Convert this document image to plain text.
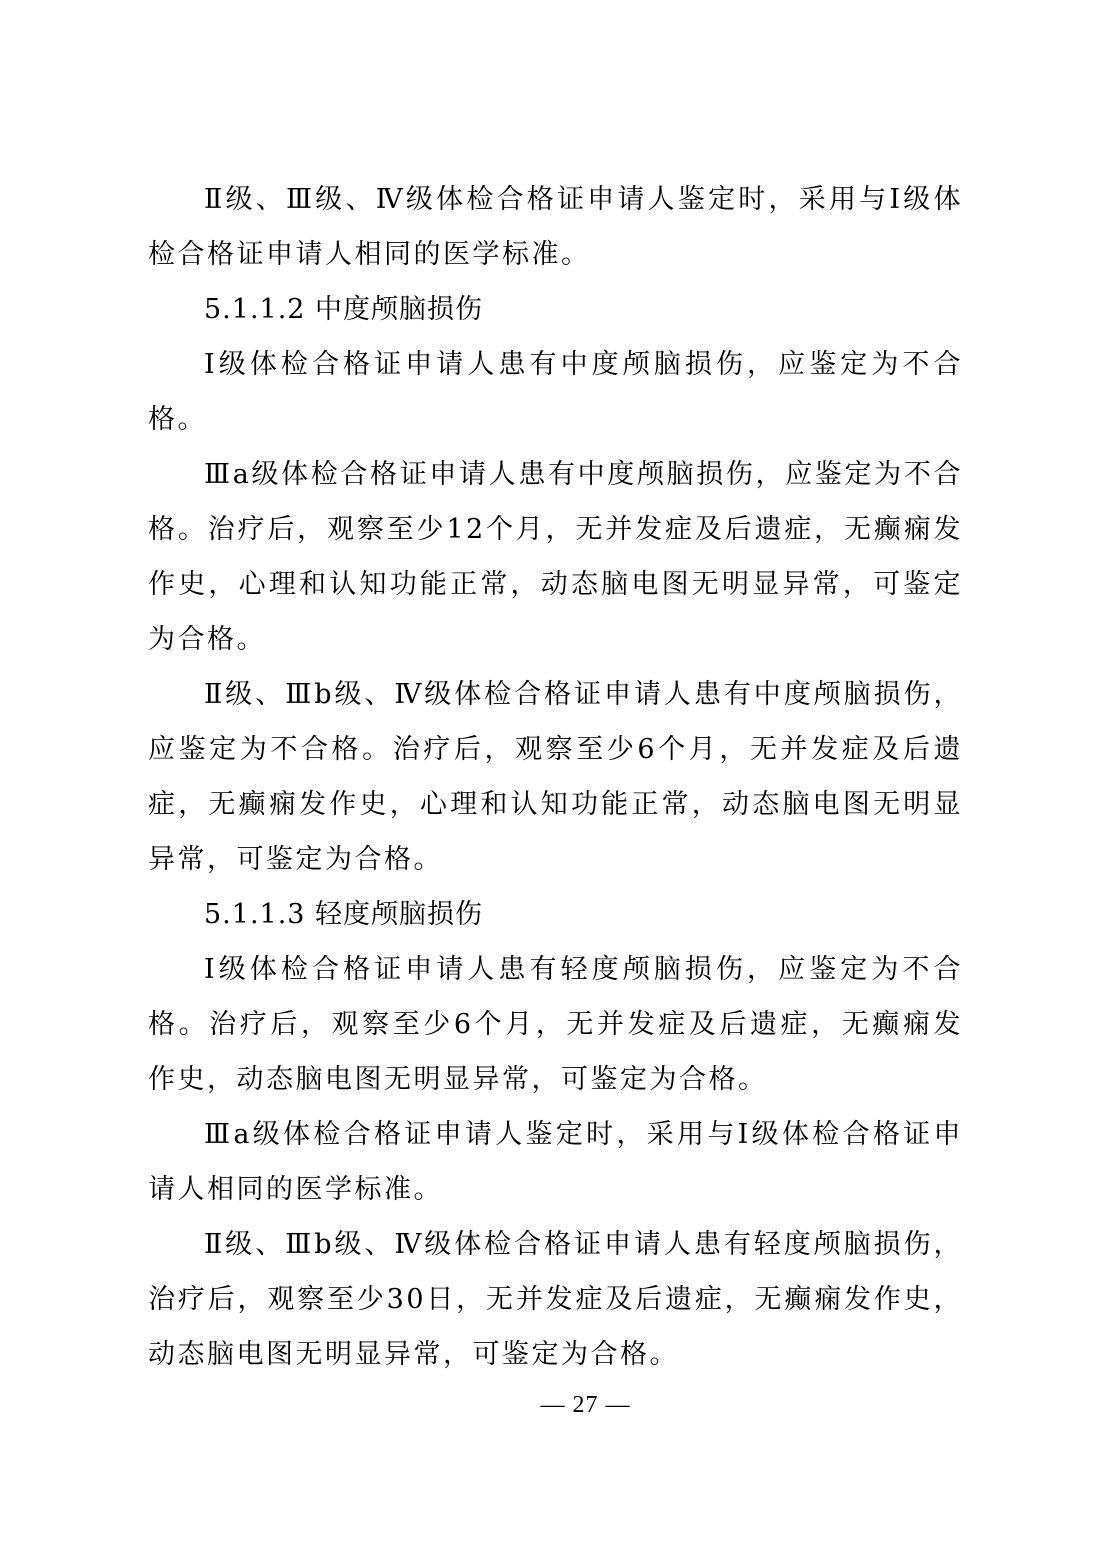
Ⅱ级、Ⅲ级、Ⅳ级体检合格证申请人鉴定时，采用与Ⅰ级体检合格证申请人相同的医学标准。

5.1.1.2 中度颅脑损伤

Ⅰ级体检合格证申请人患有中度颅脑损伤，应鉴定为不合格。

Ⅲa级体检合格证申请人患有中度颅脑损伤，应鉴定为不合格。治疗后，观察至少12个月，无并发症及后遗症，无癫痫发作史，心理和认知功能正常，动态脑电图无明显异常，可鉴定为合格。

Ⅱ级、Ⅲb级、Ⅳ级体检合格证申请人患有中度颅脑损伤，应鉴定为不合格。治疗后，观察至少6个月，无并发症及后遗症，无癫痫发作史，心理和认知功能正常，动态脑电图无明显异常，可鉴定为合格。

5.1.1.3 轻度颅脑损伤

Ⅰ级体检合格证申请人患有轻度颅脑损伤，应鉴定为不合格。治疗后，观察至少6个月，无并发症及后遗症，无癫痫发作史，动态脑电图无明显异常，可鉴定为合格。

Ⅲa级体检合格证申请人鉴定时，采用与Ⅰ级体检合格证申请人相同的医学标准。

Ⅱ级、Ⅲb级、Ⅳ级体检合格证申请人患有轻度颅脑损伤，治疗后，观察至少30日，无并发症及后遗症，无癫痫发作史，动态脑电图无明显异常，可鉴定为合格。

— 27 —
